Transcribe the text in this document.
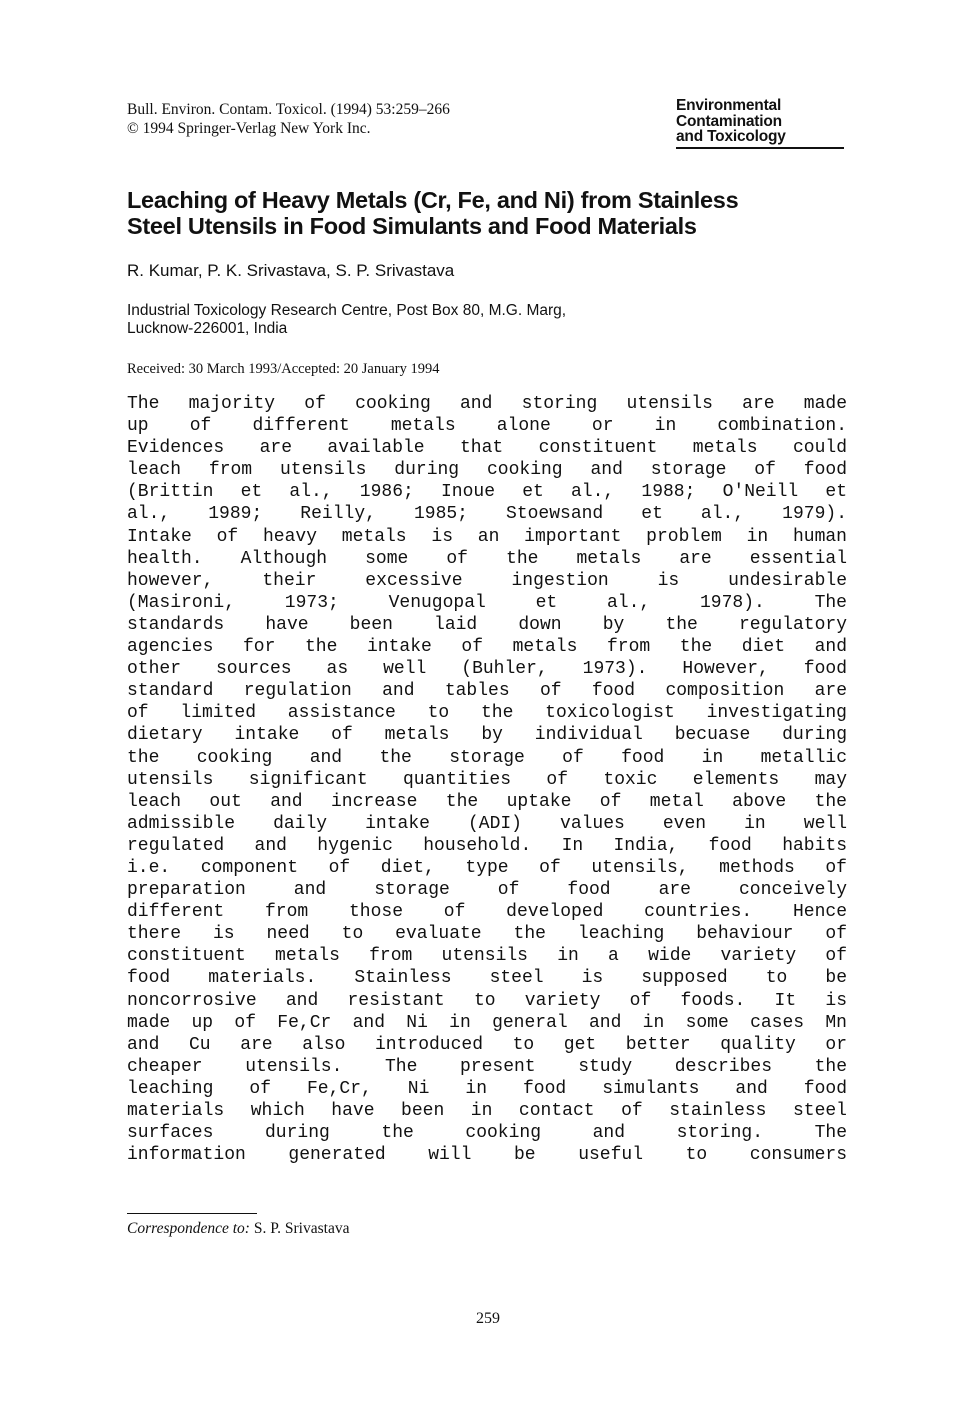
Bull. Environ. Contam. Toxicol. (1994) 53:259–266
© 1994 Springer-Verlag New York Inc.
Environmental
Contamination
and Toxicology
Leaching of Heavy Metals (Cr, Fe, and Ni) from Stainless
Steel Utensils in Food Simulants and Food Materials
R. Kumar, P. K. Srivastava, S. P. Srivastava
Industrial Toxicology Research Centre, Post Box 80, M.G. Marg,
Lucknow-226001, India
Received: 30 March 1993/Accepted: 20 January 1994
The majority of cooking and storing utensils are made
up of different metals alone or in combination.
Evidences are available that constituent metals could
leach from utensils during cooking and storage of food
(Brittin et al., 1986; Inoue et al., 1988; O'Neill et
al., 1989; Reilly, 1985; Stoewsand et al., 1979).
Intake of heavy metals is an important problem in human
health. Although some of the metals are essential
however, their excessive ingestion is undesirable
(Masironi, 1973; Venugopal et al., 1978). The
standards have been laid down by the regulatory
agencies for the intake of metals from the diet and
other sources as well (Buhler, 1973). However, food
standard regulation and tables of food composition are
of limited assistance to the toxicologist investigating
dietary intake of metals by individual becuase during
the cooking and the storage of food in metallic
utensils significant quantities of toxic elements may
leach out and increase the uptake of metal above the
admissible daily intake (ADI) values even in well
regulated and hygenic household. In India, food habits
i.e. component of diet, type of utensils, methods of
preparation and storage of food are conceively
different from those of developed countries. Hence
there is need to evaluate the leaching behaviour of
constituent metals from utensils in a wide variety of
food materials. Stainless steel is supposed to be
noncorrosive and resistant to variety of foods. It is
made up of Fe,Cr and Ni in general and in some cases Mn
and Cu are also introduced to get better quality or
cheaper utensils. The present study describes the
leaching of Fe,Cr, Ni in food simulants and food
materials which have been in contact of stainless steel
surfaces during the cooking and storing. The
information generated will be useful to consumers
Correspondence to: S. P. Srivastava
259
